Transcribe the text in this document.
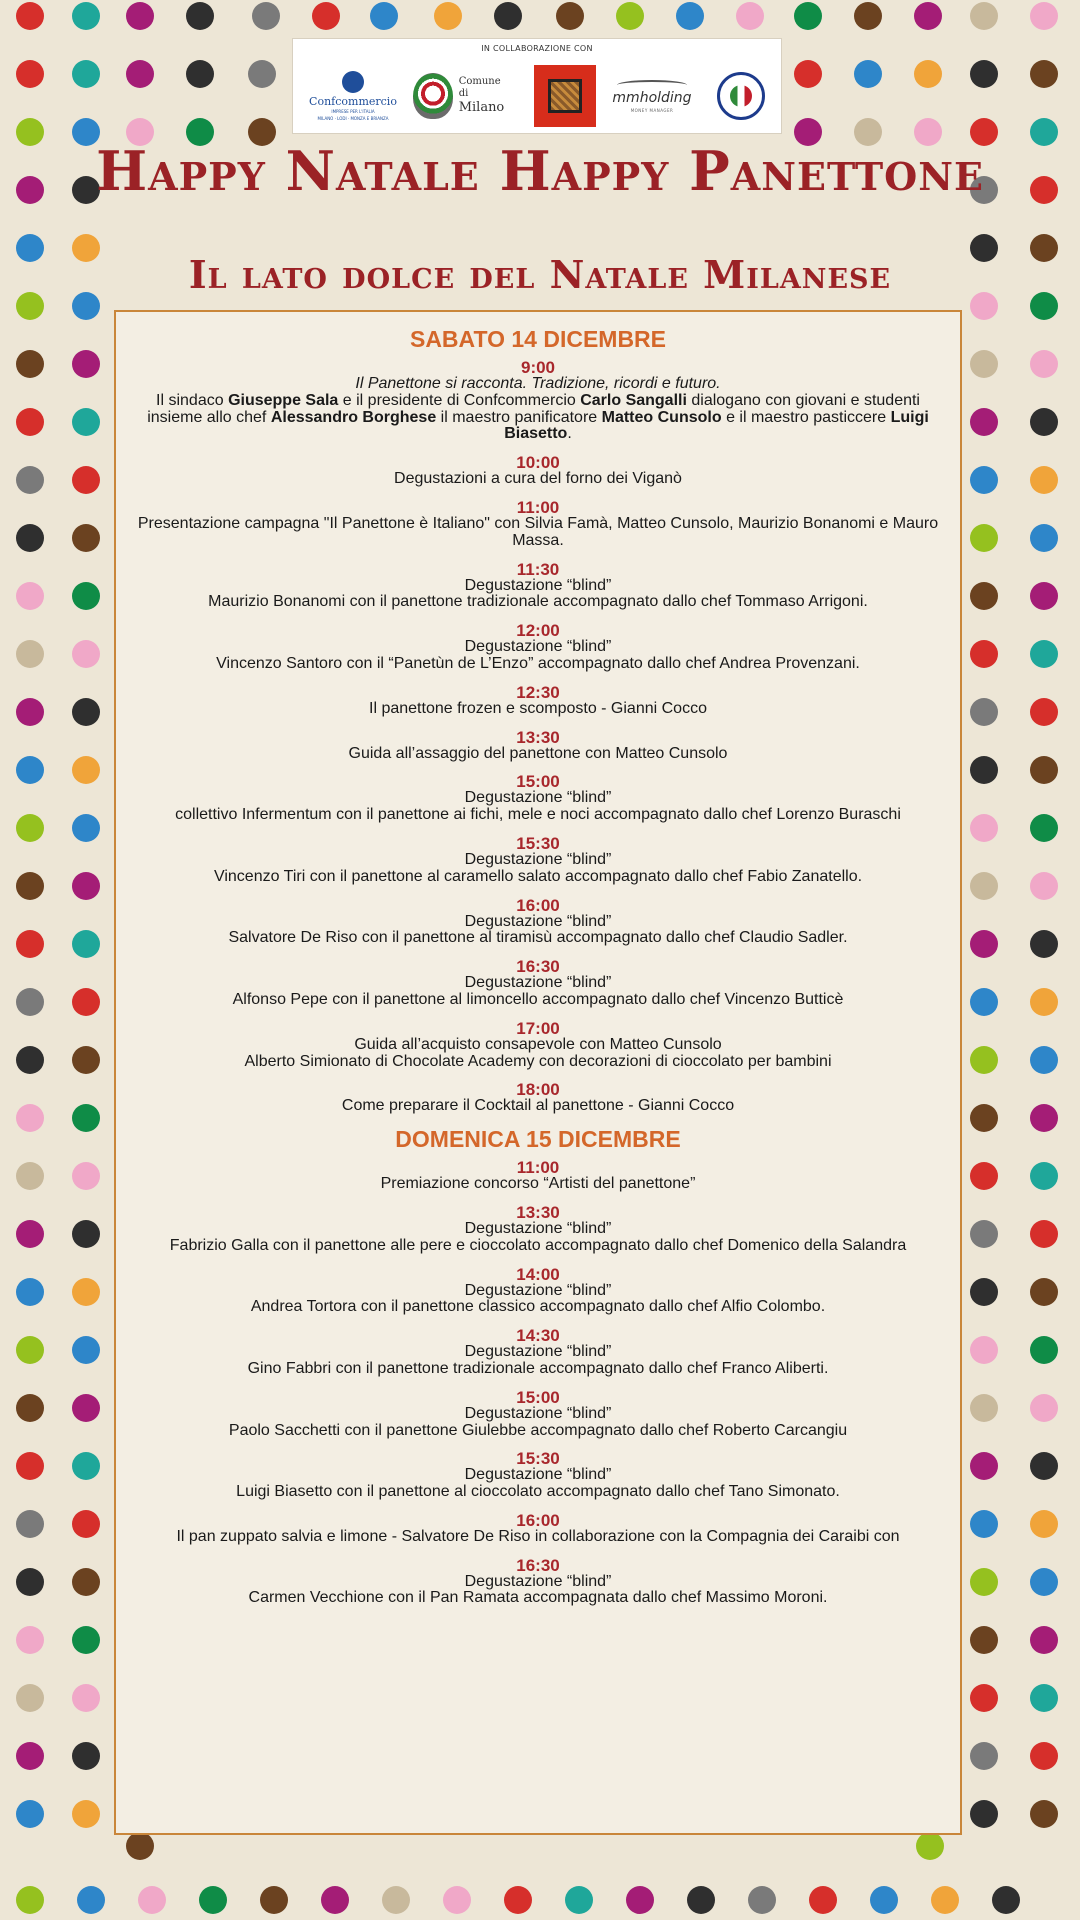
IN COLLABORAZIONE CON
Confcommercio
IMPRESE PER L'ITALIA
MILANO · LODI · MONZA E BRIANZA
Comune di
Milano
mmholding
MONEY MANAGER
Happy Natale Happy Panettone
Il lato dolce del Natale Milanese
SABATO 14 DICEMBRE
9:00
Il Panettone si racconta. Tradizione, ricordi e futuro.
Il sindaco Giuseppe Sala e il presidente di Confcommercio Carlo Sangalli dialogano con giovani e studenti insieme allo chef Alessandro Borghese il maestro panificatore Matteo Cunsolo e il maestro pasticcere Luigi Biasetto.
10:00
Degustazioni a cura del forno dei Viganò
11:00
Presentazione campagna "Il Panettone è Italiano" con Silvia Famà, Matteo Cunsolo, Maurizio Bonanomi e Mauro Massa.
11:30
Degustazione “blind”
Maurizio Bonanomi con il panettone tradizionale accompagnato dallo chef Tommaso Arrigoni.
12:00
Degustazione “blind”
Vincenzo Santoro con il “Panetùn de L’Enzo” accompagnato dallo chef Andrea Provenzani.
12:30
Il panettone frozen e scomposto - Gianni Cocco
13:30
Guida all’assaggio del panettone con Matteo Cunsolo
15:00
Degustazione “blind”
collettivo Infermentum con il panettone ai fichi, mele e noci accompagnato dallo chef Lorenzo Buraschi
15:30
Degustazione “blind”
Vincenzo Tiri con il panettone al caramello salato accompagnato dallo chef Fabio Zanatello.
16:00
Degustazione “blind”
Salvatore De Riso con il panettone al tiramisù accompagnato dallo chef Claudio Sadler.
16:30
Degustazione “blind”
Alfonso Pepe con il panettone al limoncello accompagnato dallo chef Vincenzo Butticè
17:00
Guida all’acquisto consapevole con Matteo Cunsolo
Alberto Simionato di Chocolate Academy con decorazioni di cioccolato per bambini
18:00
Come preparare il Cocktail al panettone - Gianni Cocco
DOMENICA 15 DICEMBRE
11:00
Premiazione concorso “Artisti del panettone”
13:30
Degustazione “blind”
Fabrizio Galla con il panettone alle pere e cioccolato accompagnato dallo chef Domenico della Salandra
14:00
Degustazione “blind”
Andrea Tortora con il panettone classico accompagnato dallo chef Alfio Colombo.
14:30
Degustazione “blind”
Gino Fabbri con il panettone tradizionale accompagnato dallo chef Franco Aliberti.
15:00
Degustazione “blind”
Paolo Sacchetti con il panettone Giulebbe accompagnato dallo chef Roberto Carcangiu
15:30
Degustazione “blind”
Luigi Biasetto con il panettone al cioccolato accompagnato dallo chef Tano Simonato.
16:00
Il pan zuppato salvia e limone - Salvatore De Riso in collaborazione con la Compagnia dei Caraibi con
16:30
Degustazione “blind”
Carmen Vecchione con il Pan Ramata accompagnata dallo chef Massimo Moroni.
